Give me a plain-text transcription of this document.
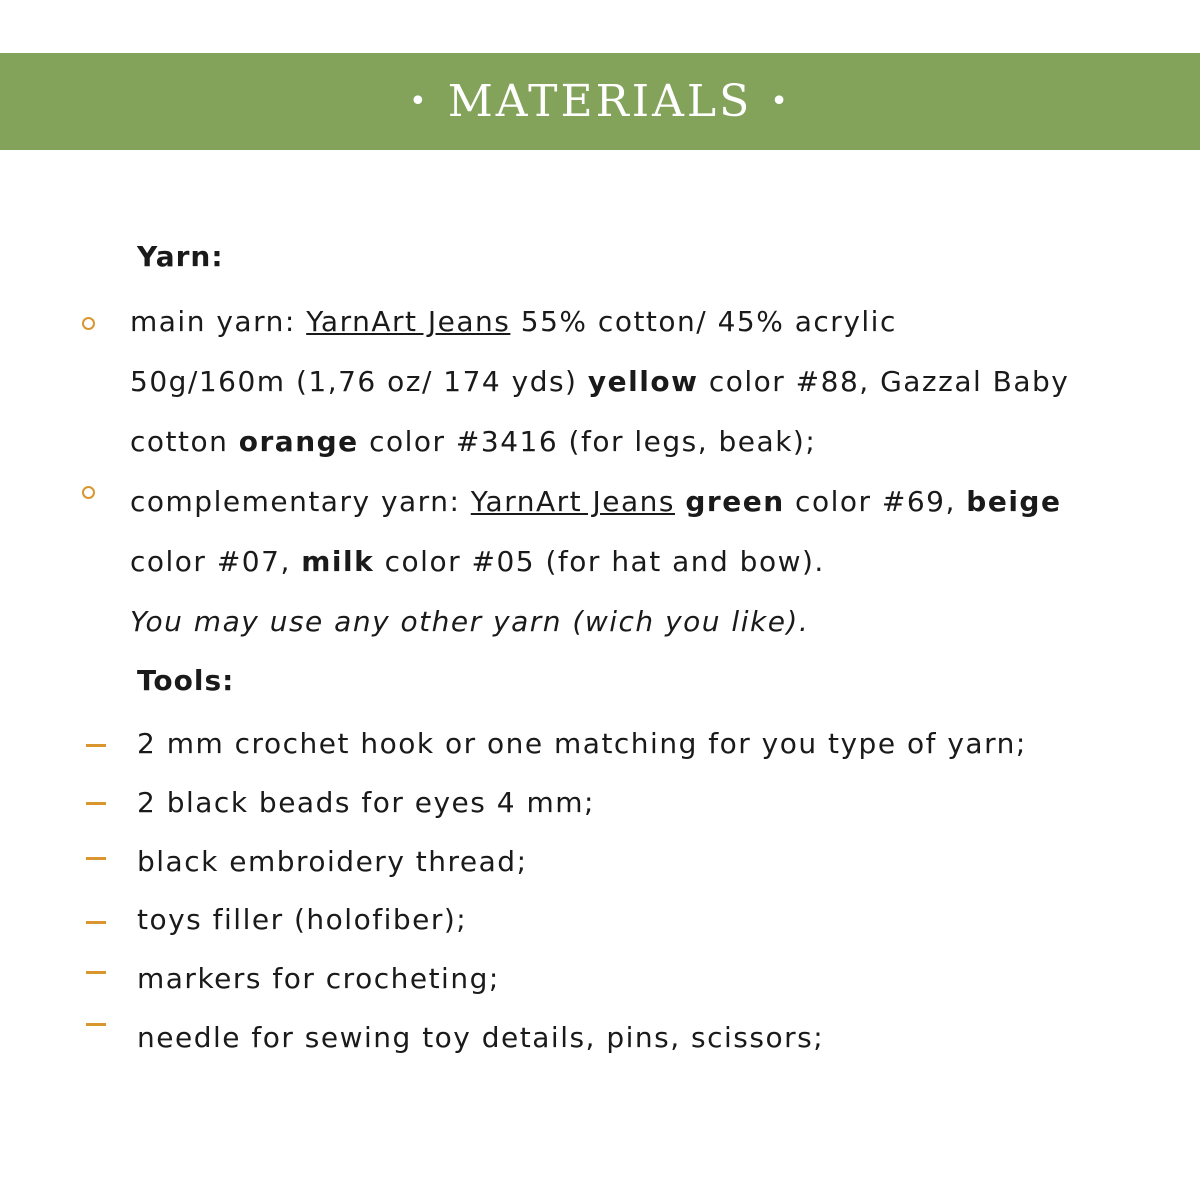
• MATERIALS •
Yarn:
main yarn: YarnArt Jeans 55% cotton/ 45% acrylic
50g/160m (1,76 oz/ 174 yds) yellow color #88, Gazzal Baby
cotton orange color #3416 (for legs, beak);
complementary yarn: YarnArt Jeans green color #69, beige
color #07, milk color #05 (for hat and bow).
You may use any other yarn (wich you like).
Tools:
2 mm crochet hook or one matching for you type of yarn;
2 black beads for eyes 4 mm;
black embroidery thread;
toys filler (holofiber);
markers for crocheting;
needle for sewing toy details, pins, scissors;
